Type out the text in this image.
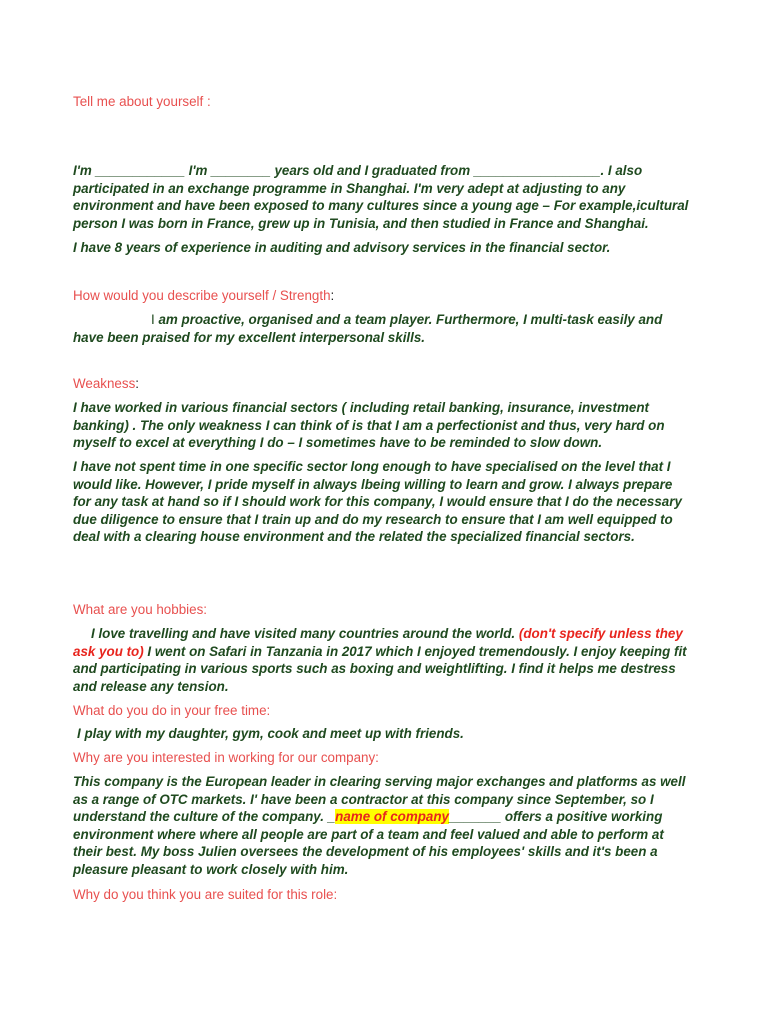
Tell me about yourself :

I'm ____________ I'm ________ years old and I graduated from _________________. I also participated in an exchange programme in Shanghai. I'm very adept at adjusting to any environment and have been exposed to many cultures since a young age – For example,icultural person I was born in France, grew up in Tunisia, and then studied in France and Shanghai.

I have 8 years of experience in auditing and advisory services in the financial sector.

How would you describe yourself / Strength:

I am proactive, organised and a team player. Furthermore, I multi-task easily and have been praised for my excellent interpersonal skills.

Weakness:

I have worked in various financial sectors ( including retail banking, insurance, investment banking) . The only weakness I can think of is that I am a perfectionist and thus, very hard on myself to excel at everything I do – I sometimes have to be reminded to slow down.

I have not spent time in one specific sector long enough to have specialised on the level that I would like. However, I pride myself in always lbeing willing to learn and grow. I always prepare for any task at hand so if I should work for this company, I would ensure that I do the necessary due diligence to ensure that I train up and do my research to ensure that I am well equipped to deal with a clearing house environment and the related the specialized financial sectors.

What are you hobbies:

I love travelling and have visited many countries around the world. (don't specify unless they ask you to) I went on Safari in Tanzania in 2017 which I enjoyed tremendously. I enjoy keeping fit and participating in various sports such as boxing and weightlifting. I find it helps me destress and release any tension.

What do you do in your free time:

I play with my daughter, gym, cook and meet up with friends.

Why are you interested in working for our company:

This company is the European leader in clearing serving major exchanges and platforms as well as a range of OTC markets. I' have been a contractor at this company since September, so I understand the culture of the company. _name of company_______ offers a positive working environment where where all people are part of a team and feel valued and able to perform at their best. My boss Julien oversees the development of his employees' skills and it's been a pleasure pleasant to work closely with him.

Why do you think you are suited for this role:
